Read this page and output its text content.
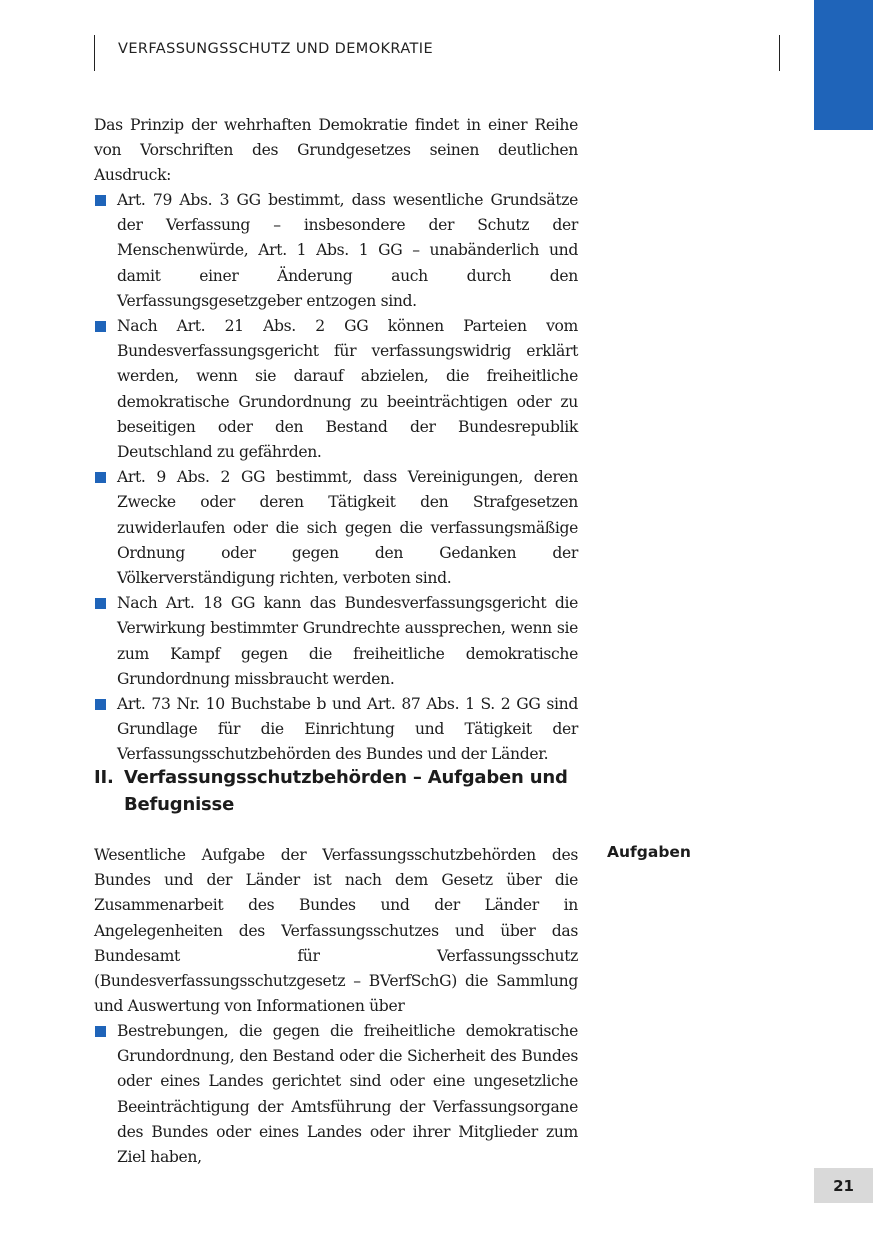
VERFASSUNGSSCHUTZ UND DEMOKRATIE

Das Prinzip der wehrhaften Demokratie findet in einer Reihe von Vorschriften des Grundgesetzes seinen deutlichen Ausdruck:

Art. 79 Abs. 3 GG bestimmt, dass wesentliche Grundsätze der Verfassung – insbesondere der Schutz der Menschenwürde, Art. 1 Abs. 1 GG – unabänderlich und damit einer Änderung auch durch den Verfassungsgesetzgeber entzogen sind.
Nach Art. 21 Abs. 2 GG können Parteien vom Bundesverfassungsgericht für verfassungswidrig erklärt werden, wenn sie darauf abzielen, die freiheitliche demokratische Grundordnung zu beeinträchtigen oder zu beseitigen oder den Bestand der Bundesrepublik Deutschland zu gefährden.
Art. 9 Abs. 2 GG bestimmt, dass Vereinigungen, deren Zwecke oder deren Tätigkeit den Strafgesetzen zuwiderlaufen oder die sich gegen die verfassungsmäßige Ordnung oder gegen den Gedanken der Völkerverständigung richten, verboten sind.
Nach Art. 18 GG kann das Bundesverfassungsgericht die Verwirkung bestimmter Grundrechte aussprechen, wenn sie zum Kampf gegen die freiheitliche demokratische Grundordnung missbraucht werden.
Art. 73 Nr. 10 Buchstabe b und Art. 87 Abs. 1 S. 2 GG sind Grundlage für die Einrichtung und Tätigkeit der Verfassungsschutzbehörden des Bundes und der Länder.
II. Verfassungsschutzbehörden – Aufgaben und Befugnisse
Aufgaben

Wesentliche Aufgabe der Verfassungsschutzbehörden des Bundes und der Länder ist nach dem Gesetz über die Zusammenarbeit des Bundes und der Länder in Angelegenheiten des Verfassungsschutzes und über das Bundesamt für Verfassungsschutz (Bundesverfassungsschutzgesetz – BVerfSchG) die Sammlung und Auswertung von Informationen über

Bestrebungen, die gegen die freiheitliche demokratische Grundordnung, den Bestand oder die Sicherheit des Bundes oder eines Landes gerichtet sind oder eine ungesetzliche Beeinträchtigung der Amtsführung der Verfassungsorgane des Bundes oder eines Landes oder ihrer Mitglieder zum Ziel haben,
21
